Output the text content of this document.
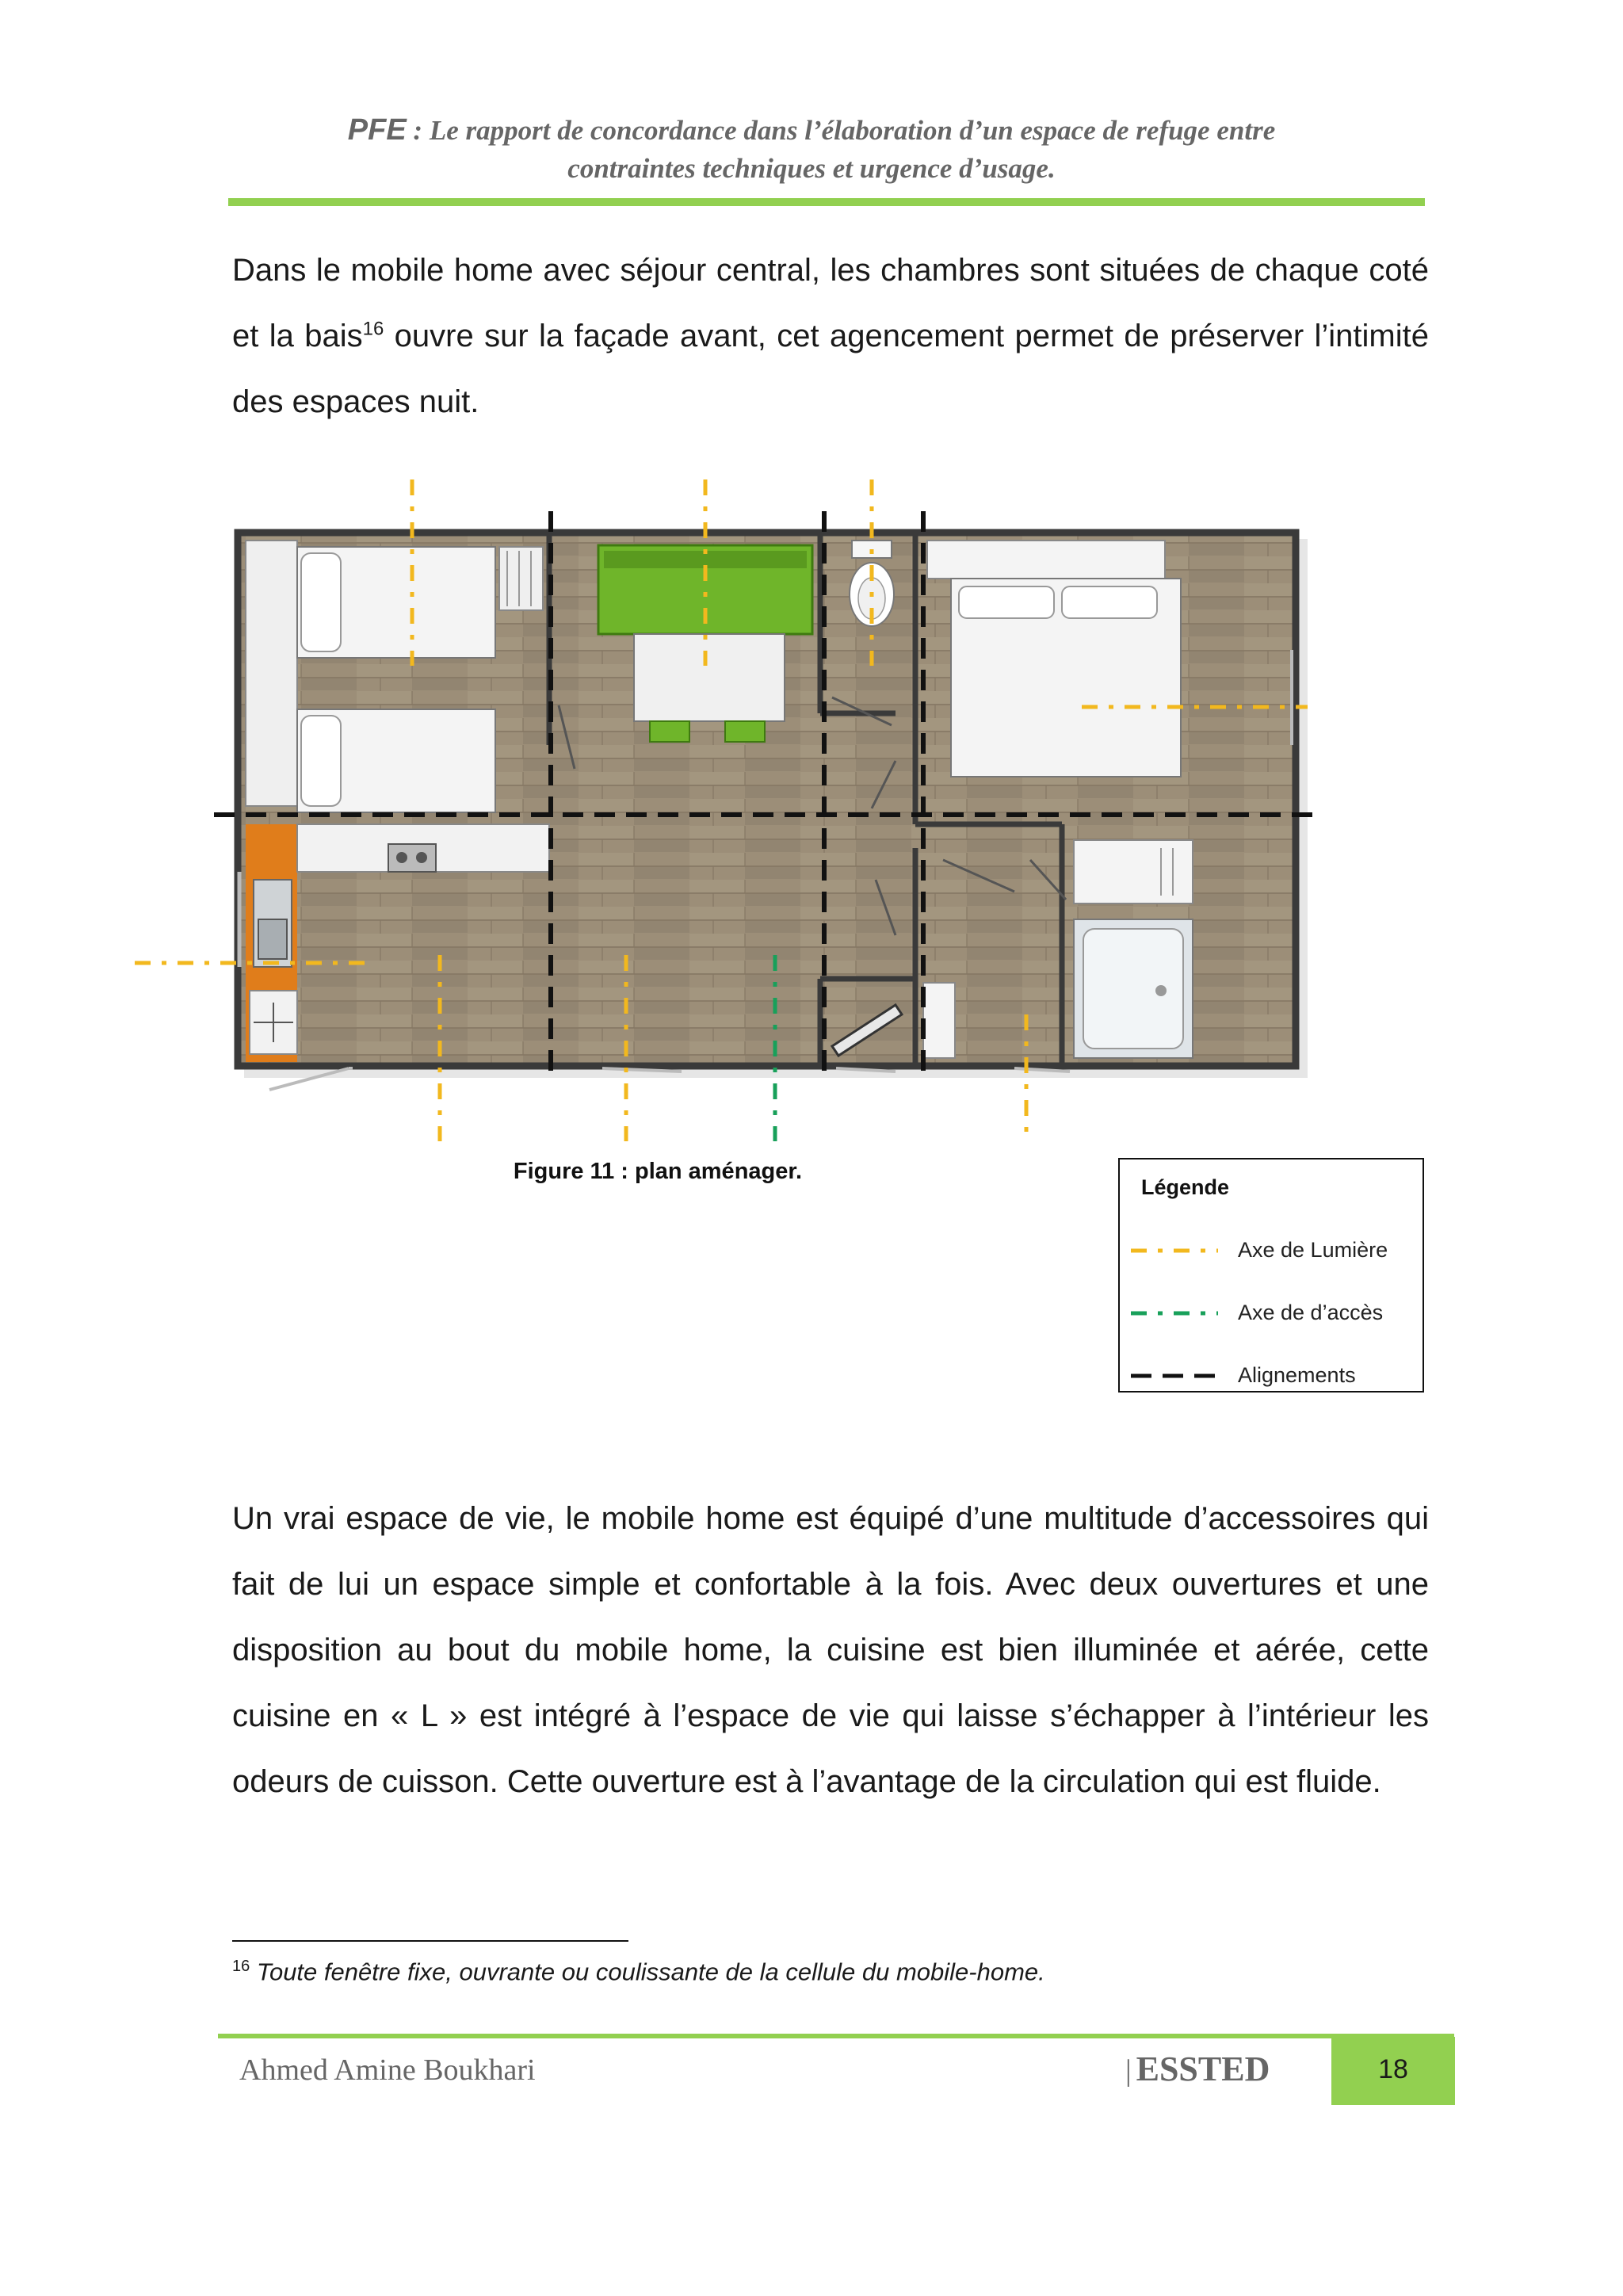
PFE : Le rapport de concordance dans l’élaboration d’un espace de refuge entre
contraintes techniques et urgence d’usage.
Dans le mobile home avec séjour central, les chambres sont situées de chaque coté et la bais$^{16}$ ouvre sur la façade avant, cet agencement permet de préserver l’intimité des espaces nuit.
Figure 11 : plan aménager.
Légende
Axe de Lumière
Axe de d’accès
Alignements
Un vrai espace de vie, le mobile home est équipé d’une multitude d’accessoires qui fait de lui un espace simple et confortable à la fois. Avec deux ouvertures et une disposition au bout du mobile home, la cuisine est bien illuminée et aérée, cette cuisine en « L » est intégré à l’espace de vie qui laisse s’échapper à l’intérieur les odeurs de cuisson. Cette ouverture est à l’avantage de la circulation qui est fluide.
$^{16}$ Toute fenêtre fixe, ouvrante ou coulissante de la cellule du mobile-home.
Ahmed Amine Boukhari	| ESSTED	18
